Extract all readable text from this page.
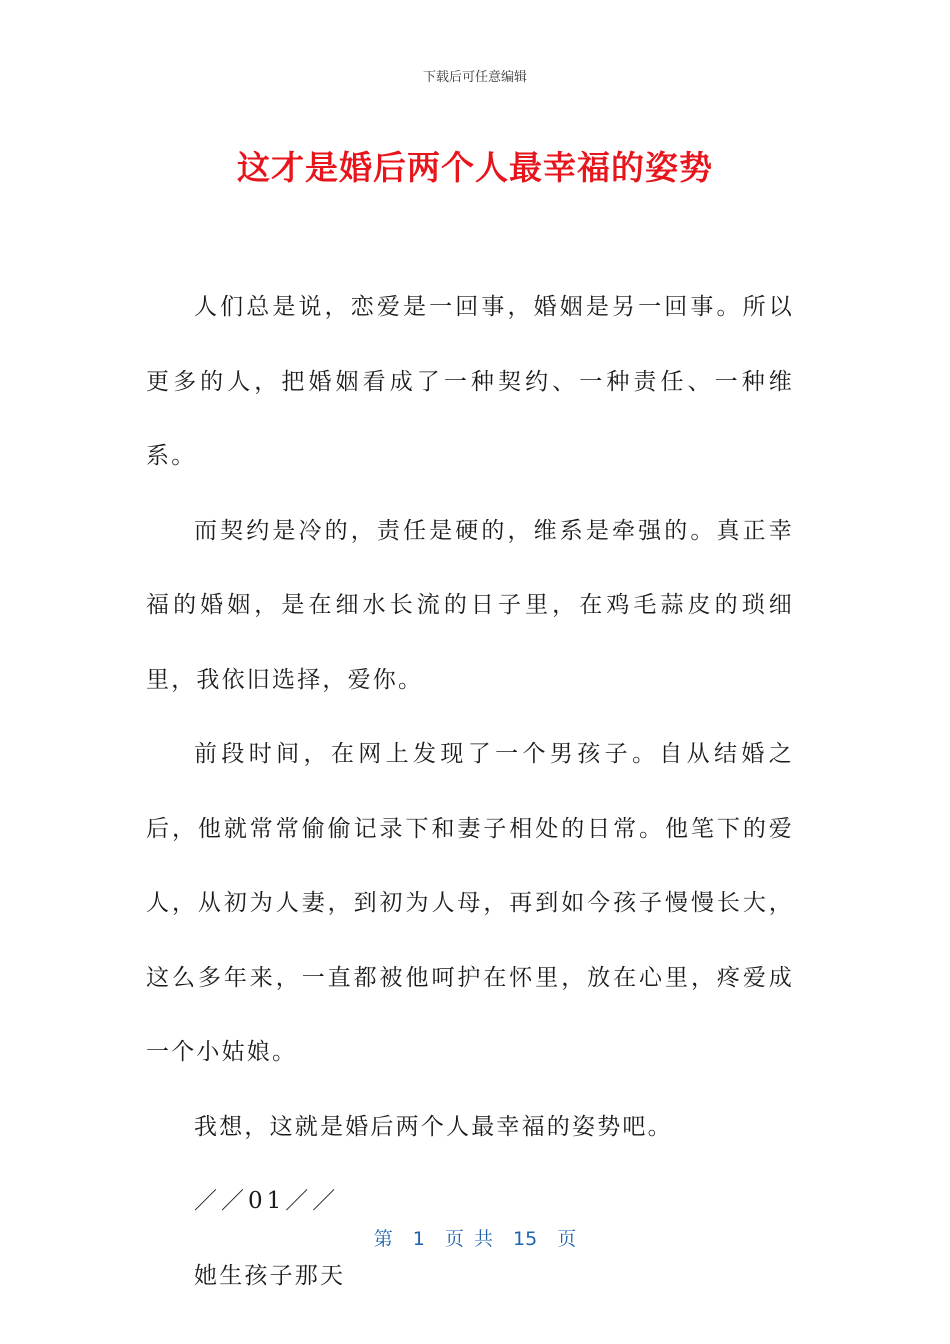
下载后可任意编辑
这才是婚后两个人最幸福的姿势

人们总是说，恋爱是一回事，婚姻是另一回事。所以更多的人，把婚姻看成了一种契约、一种责任、一种维系。

而契约是冷的，责任是硬的，维系是牵强的。真正幸福的婚姻，是在细水长流的日子里，在鸡毛蒜皮的琐细里，我依旧选择，爱你。

前段时间，在网上发现了一个男孩子。自从结婚之后，他就常常偷偷记录下和妻子相处的日常。他笔下的爱人，从初为人妻，到初为人母，再到如今孩子慢慢长大，这么多年来，一直都被他呵护在怀里，放在心里，疼爱成一个小姑娘。

我想，这就是婚后两个人最幸福的姿势吧。

／／01／／

她生孩子那天

第  1  页 共  15  页
